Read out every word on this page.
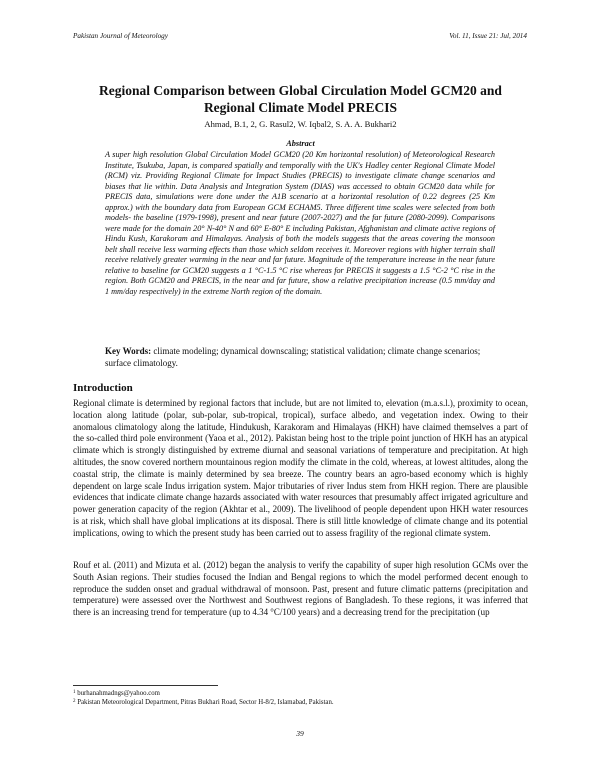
Pakistan Journal of Meteorology	Vol. 11, Issue 21: Jul, 2014
Regional Comparison between Global Circulation Model GCM20 and Regional Climate Model PRECIS
Ahmad, B.1, 2, G. Rasul2, W. Iqbal2, S. A. A. Bukhari2
Abstract

A super high resolution Global Circulation Model GCM20 (20 Km horizontal resolution) of Meteorological Research Institute, Tsukuba, Japan, is compared spatially and temporally with the UK's Hadley center Regional Climate Model (RCM) viz. Providing Regional Climate for Impact Studies (PRECIS) to investigate climate change scenarios and biases that lie within. Data Analysis and Integration System (DIAS) was accessed to obtain GCM20 data while for PRECIS data, simulations were done under the A1B scenario at a horizontal resolution of 0.22 degrees (25 Km approx.) with the boundary data from European GCM ECHAM5. Three different time scales were selected from both models- the baseline (1979-1998), present and near future (2007-2027) and the far future (2080-2099). Comparisons were made for the domain 20° N-40° N and 60° E-80° E including Pakistan, Afghanistan and climate active regions of Hindu Kush, Karakoram and Himalayas. Analysis of both the models suggests that the areas covering the monsoon belt shall receive less warming effects than those which seldom receives it. Moreover regions with higher terrain shall receive relatively greater warming in the near and far future. Magnitude of the temperature increase in the near future relative to baseline for GCM20 suggests a 1 °C-1.5 °C rise whereas for PRECIS it suggests a 1.5 °C-2 °C rise in the region. Both GCM20 and PRECIS, in the near and far future, show a relative precipitation increase (0.5 mm/day and 1 mm/day respectively) in the extreme North region of the domain.

Key Words: climate modeling; dynamical downscaling; statistical validation; climate change scenarios; surface climatology.

Introduction

Regional climate is determined by regional factors that include, but are not limited to, elevation (m.a.s.l.), proximity to ocean, location along latitude (polar, sub-polar, sub-tropical, tropical), surface albedo, and vegetation index. Owing to their anomalous climatology along the latitude, Hindukush, Karakoram and Himalayas (HKH) have claimed themselves a part of the so-called third pole environment (Yaoa et al., 2012). Pakistan being host to the triple point junction of HKH has an atypical climate which is strongly distinguished by extreme diurnal and seasonal variations of temperature and precipitation. At high altitudes, the snow covered northern mountainous region modify the climate in the cold, whereas, at lowest altitudes, along the coastal strip, the climate is mainly determined by sea breeze. The country bears an agro-based economy which is highly dependent on large scale Indus irrigation system. Major tributaries of river Indus stem from HKH region. There are plausible evidences that indicate climate change hazards associated with water resources that presumably affect irrigated agriculture and power generation capacity of the region (Akhtar et al., 2009). The livelihood of people dependent upon HKH water resources is at risk, which shall have global implications at its disposal. There is still little knowledge of climate change and its potential implications, owing to which the present study has been carried out to assess fragility of the regional climate system.

Rouf et al. (2011) and Mizuta et al. (2012) began the analysis to verify the capability of super high resolution GCMs over the South Asian regions. Their studies focused the Indian and Bengal regions to which the model performed decent enough to reproduce the sudden onset and gradual withdrawal of monsoon. Past, present and future climatic patterns (precipitation and temperature) were assessed over the Northwest and Southwest regions of Bangladesh. To these regions, it was inferred that there is an increasing trend for temperature (up to 4.34 °C/100 years) and a decreasing trend for the precipitation (up

$^1$ burhanahmadngs@yahoo.com
$^2$ Pakistan Meteorological Department, Pitras Bukhari Road, Sector H-8/2, Islamabad, Pakistan.
39
